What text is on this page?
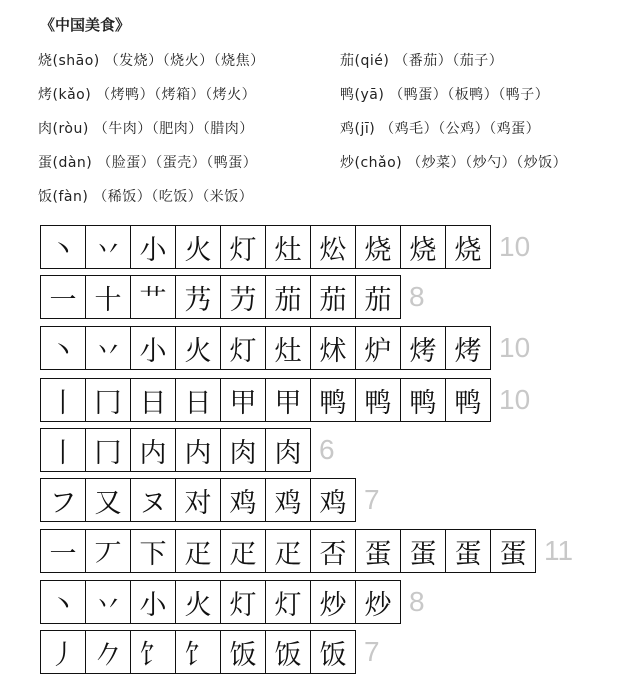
《中国美食》
烧(shāo) （发烧）（烧火）（烧焦）
烤(kǎo) （烤鸭）（烤箱）（烤火）
肉(ròu) （牛肉）（肥肉）（腊肉）
蛋(dàn) （脸蛋）（蛋壳）（鸭蛋）
饭(fàn) （稀饭）（吃饭）（米饭）
茄(qié) （番茄）（茄子）
鸭(yā) （鸭蛋）（板鸭）（鸭子）
鸡(jī) （鸡毛）（公鸡）（鸡蛋）
炒(chǎo) （炒菜）（炒勺）（炒饭）
丶 丷 小 火 灯 灶 炂 烧 烧 烧 10
一 十 艹 艿 芀 茄 茄 茄 8
丶 丷 小 火 灯 灶 炢 炉 烤 烤 10
丨 冂 日 日 甲 甲 鸭 鸭 鸭 鸭 10
丨 冂 内 内 肉 肉 6
フ 又 ヌ 对 鸡 鸡 鸡 7
一 丆 下 疋 疋 疋 否 蛋 蛋 蛋 蛋 11
丶 丷 小 火 灯 灯 炒 炒 8
丿 𠂊 饣 饣 饭 饭 饭 7
